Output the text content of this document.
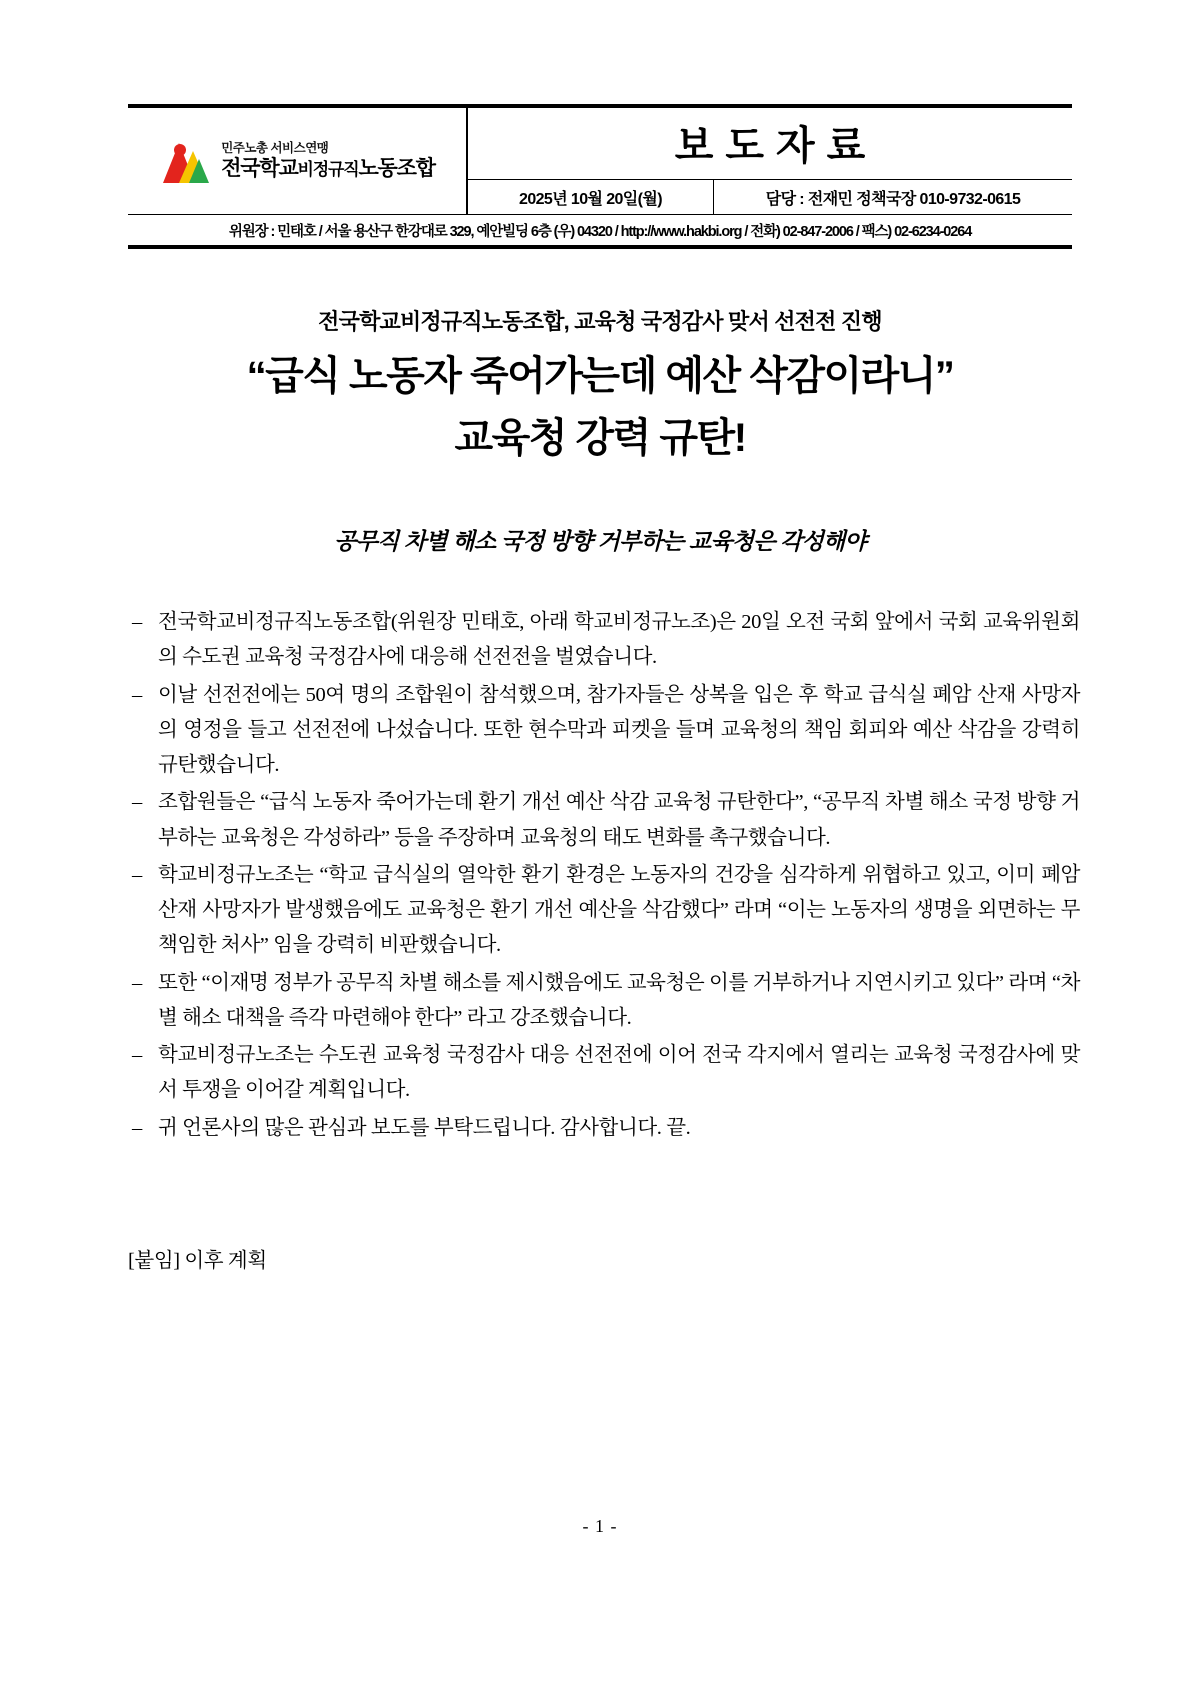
민주노총 서비스연맹
전국학교비정규직노동조합
보도자료
2025년 10월 20일(월)	담당 : 전재민 정책국장 010-9732-0615
위원장 : 민태호 / 서울 용산구 한강대로 329, 예안빌딩 6층 (우) 04320 / http://www.hakbi.org / 전화) 02-847-2006 / 팩스) 02-6234-0264
전국학교비정규직노동조합, 교육청 국정감사 맞서 선전전 진행
“급식 노동자 죽어가는데 예산 삭감이라니”
교육청 강력 규탄!
공무직 차별 해소 국정 방향 거부하는 교육청은 각성해야
– 전국학교비정규직노동조합(위원장 민태호, 아래 학교비정규노조)은 20일 오전 국회 앞에서 국회 교육위원회의 수도권 교육청 국정감사에 대응해 선전전을 벌였습니다.
– 이날 선전전에는 50여 명의 조합원이 참석했으며, 참가자들은 상복을 입은 후 학교 급식실 폐암 산재 사망자의 영정을 들고 선전전에 나섰습니다. 또한 현수막과 피켓을 들며 교육청의 책임 회피와 예산 삭감을 강력히 규탄했습니다.
– 조합원들은 “급식 노동자 죽어가는데 환기 개선 예산 삭감 교육청 규탄한다”, “공무직 차별 해소 국정 방향 거부하는 교육청은 각성하라” 등을 주장하며 교육청의 태도 변화를 촉구했습니다.
– 학교비정규노조는 “학교 급식실의 열악한 환기 환경은 노동자의 건강을 심각하게 위협하고 있고, 이미 폐암 산재 사망자가 발생했음에도 교육청은 환기 개선 예산을 삭감했다” 라며 “이는 노동자의 생명을 외면하는 무책임한 처사” 임을 강력히 비판했습니다.
– 또한 “이재명 정부가 공무직 차별 해소를 제시했음에도 교육청은 이를 거부하거나 지연시키고 있다” 라며 “차별 해소 대책을 즉각 마련해야 한다” 라고 강조했습니다.
– 학교비정규노조는 수도권 교육청 국정감사 대응 선전전에 이어 전국 각지에서 열리는 교육청 국정감사에 맞서 투쟁을 이어갈 계획입니다.
– 귀 언론사의 많은 관심과 보도를 부탁드립니다. 감사합니다. 끝.
[붙임] 이후 계획
- 1 -
